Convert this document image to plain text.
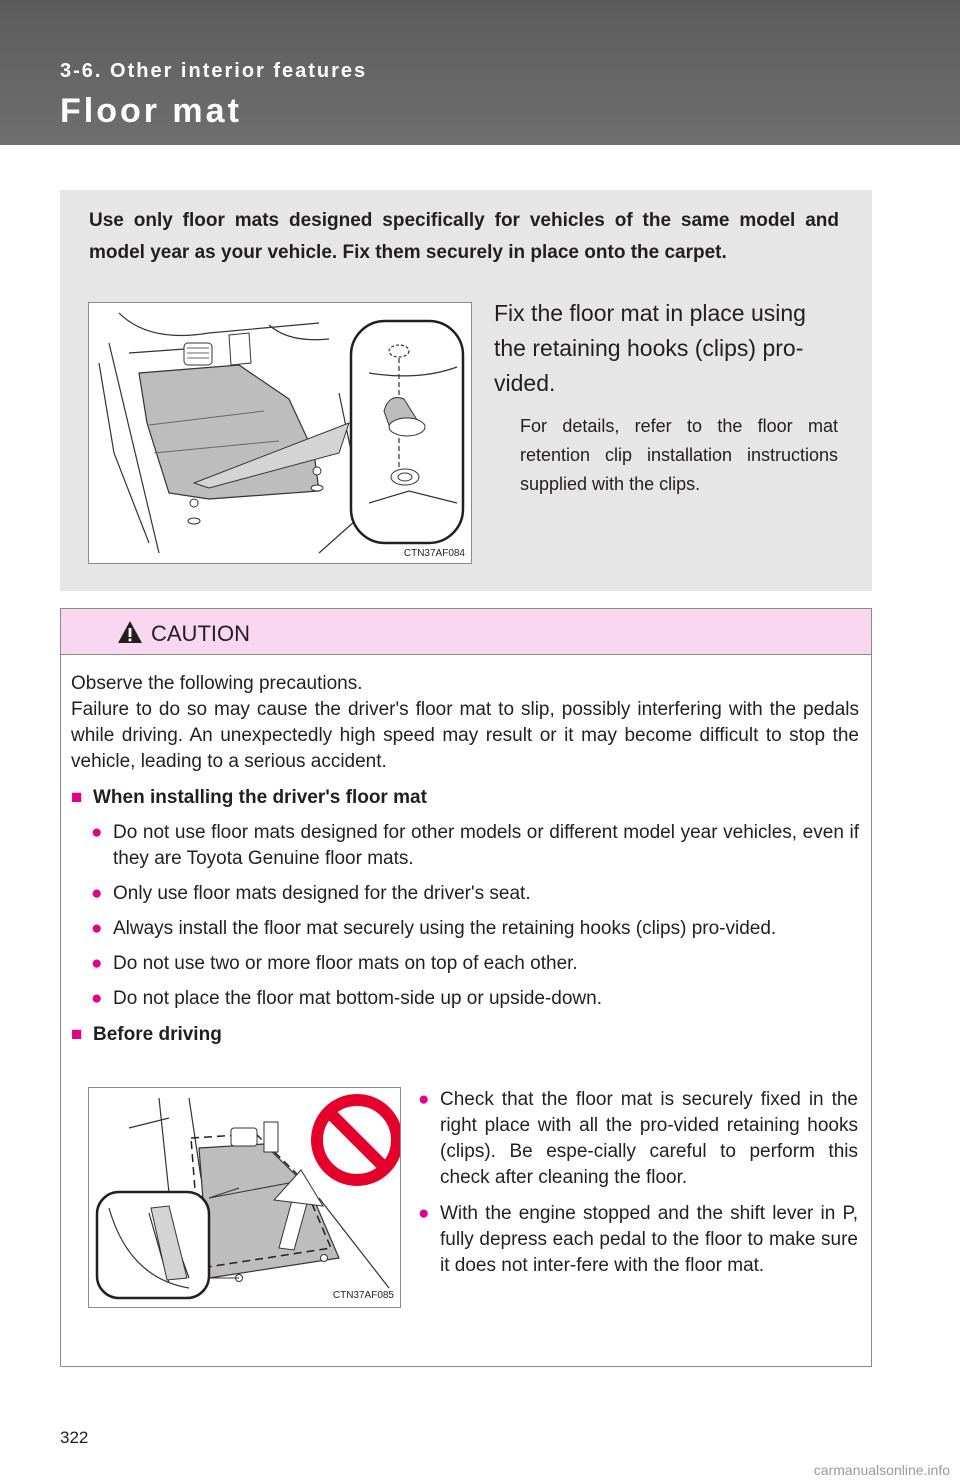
3-6. Other interior features
Floor mat
Use only floor mats designed specifically for vehicles of the same model and model year as your vehicle. Fix them securely in place onto the carpet.
CTN37AF084
Fix the floor mat in place using the retaining hooks (clips) pro-vided.
For details, refer to the floor mat retention clip installation instructions supplied with the clips.
CAUTION
Observe the following precautions.
Failure to do so may cause the driver's floor mat to slip, possibly interfering with the pedals while driving. An unexpectedly high speed may result or it may become difficult to stop the vehicle, leading to a serious accident.
■ When installing the driver's floor mat
● Do not use floor mats designed for other models or different model year vehicles, even if they are Toyota Genuine floor mats.
● Only use floor mats designed for the driver's seat.
● Always install the floor mat securely using the retaining hooks (clips) pro-vided.
● Do not use two or more floor mats on top of each other.
● Do not place the floor mat bottom-side up or upside-down.
■ Before driving
CTN37AF085
● Check that the floor mat is securely fixed in the right place with all the pro-vided retaining hooks (clips). Be espe-cially careful to perform this check after cleaning the floor.
● With the engine stopped and the shift lever in P, fully depress each pedal to the floor to make sure it does not inter-fere with the floor mat.
322
carmanualsonline.info
